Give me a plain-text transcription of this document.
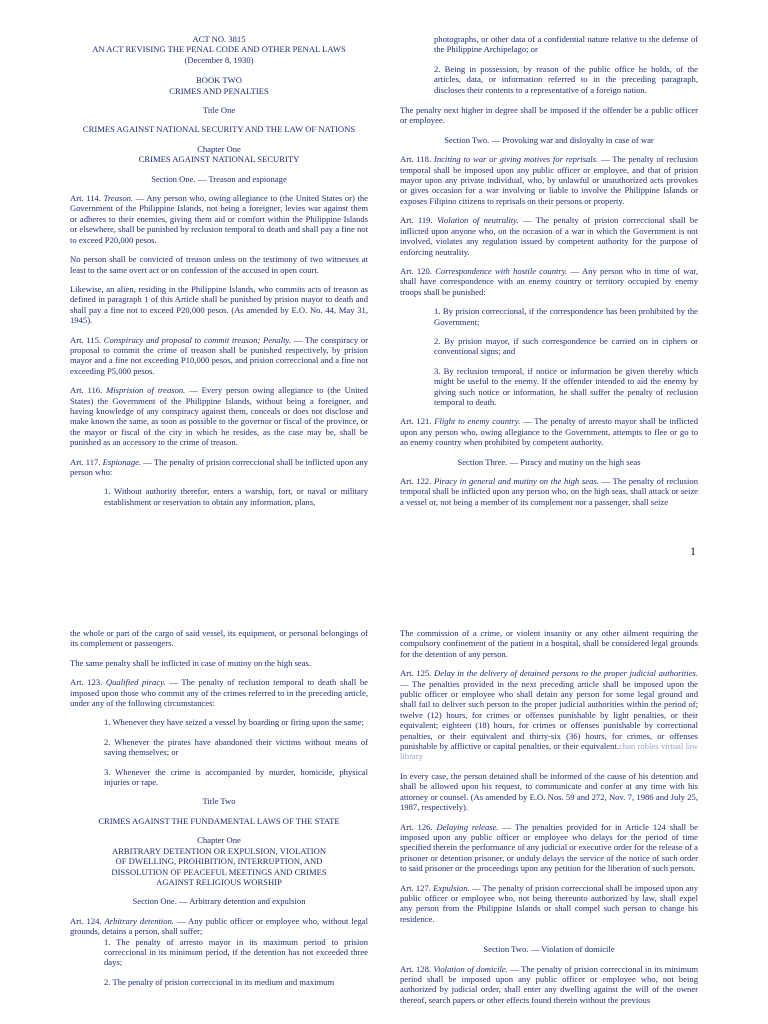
ACT NO. 3815

AN ACT REVISING THE PENAL CODE AND OTHER PENAL LAWS

(December 8, 1930)

BOOK TWO

CRIMES AND PENALTIES

Title One

CRIMES AGAINST NATIONAL SECURITY AND THE LAW OF NATIONS

Chapter One

CRIMES AGAINST NATIONAL SECURITY

Section One. — Treason and espionage

Art. 114. Treason. — Any person who, owing allegiance to (the United States or) the Government of the Philippine Islands, not being a foreigner, levies war against them or adheres to their enemies, giving them aid or comfort within the Philippine Islands or elsewhere, shall be punished by reclusion temporal to death and shall pay a fine not to exceed P20,000 pesos.

No person shall be convicted of treason unless on the testimony of two witnesses at least to the same overt act or on confession of the accused in open court.

Likewise, an alien, residing in the Philippine Islands, who commits acts of treason as defined in paragraph 1 of this Article shall be punished by prision mayor to death and shall pay a fine not to exceed P20,000 pesos. (As amended by E.O. No. 44, May 31, 1945).

Art. 115. Conspiracy and proposal to commit treason; Penalty. — The conspiracy or proposal to commit the crime of treason shall be punished respectively, by prision mayor and a fine not exceeding P10,000 pesos, and prision correccional and a fine not exceeding P5,000 pesos.

Art. 116. Misprision of treason. — Every person owing allegiance to (the United States) the Government of the Philippine Islands, without being a foreigner, and having knowledge of any conspiracy against them, conceals or does not disclose and make known the same, as soon as possible to the governor or fiscal of the province, or the mayor or fiscal of the city in which he resides, as the case may be, shall be punished as an accessory to the crime of treason.

Art. 117. Espionage. — The penalty of prision correccional shall be inflicted upon any person who:

1. Without authority therefor, enters a warship, fort, or naval or military establishment or reservation to obtain any information, plans,

photographs, or other data of a confidential nature relative to the defense of the Philippine Archipelago; or

2. Being in possession, by reason of the public office he holds, of the articles, data, or information referred to in the preceding paragraph, discloses their contents to a representative of a foreign nation.

The penalty next higher in degree shall be imposed if the offender be a public officer or employee.

Section Two. — Provoking war and disloyalty in case of war

Art. 118. Inciting to war or giving motives for reprisals. — The penalty of reclusion temporal shall be imposed upon any public officer or employee, and that of prision mayor upon any private individual, who, by unlawful or unauthorized acts provokes or gives occasion for a war involving or liable to involve the Philippine Islands or exposes Filipino citizens to reprisals on their persons or property.

Art. 119. Violation of neutrality. — The penalty of prision correccional shall be inflicted upon anyone who, on the occasion of a war in which the Government is not involved, violates any regulation issued by competent authority for the purpose of enforcing neutrality.

Art. 120. Correspondence with hostile country. — Any person who in time of war, shall have correspondence with an enemy country or territory occupied by enemy troops shall be punished:

1. By prision correccional, if the correspondence has been prohibited by the Government;

2. By prision mayor, if such correspondence be carried on in ciphers or conventional signs; and

3. By reclusion temporal, if notice or information be given thereby which might be useful to the enemy. If the offender intended to aid the enemy by giving such notice or information, he shall suffer the penalty of reclusion temporal to death.

Art. 121. Flight to enemy country. — The penalty of arresto mayor shall be inflicted upon any person who, owing allegiance to the Government, attempts to flee or go to an enemy country when prohibited by competent authority.

Section Three. — Piracy and mutiny on the high seas

Art. 122. Piracy in general and mutiny on the high seas. — The penalty of reclusion temporal shall be inflicted upon any person who, on the high seas, shall attack or seize a vessel or, not being a member of its complement nor a passenger, shall seize

1

the whole or part of the cargo of said vessel, its equipment, or personal belongings of its complement or passengers.

The same penalty shall be inflicted in case of mutiny on the high seas.

Art. 123. Qualified piracy. — The penalty of reclusion temporal to death shall be imposed upon those who commit any of the crimes referred to in the preceding article, under any of the following circumstances:

1. Whenever they have seized a vessel by boarding or firing upon the same;

2. Whenever the pirates have abandoned their victims without means of saving themselves; or

3. Whenever the crime is accompanied by murder, homicide, physical injuries or rape.

Title Two

CRIMES AGAINST THE FUNDAMENTAL LAWS OF THE STATE

Chapter One

ARBITRARY DETENTION OR EXPULSION, VIOLATION

OF DWELLING, PROHIBITION, INTERRUPTION, AND

DISSOLUTION OF PEACEFUL MEETINGS AND CRIMES

AGAINST RELIGIOUS WORSHIP

Section One. — Arbitrary detention and expulsion

Art. 124. Arbitrary detention. — Any public officer or employee who, without legal grounds, detains a person, shall suffer;

1. The penalty of arresto mayor in its maximum period to prision correccional in its minimum period, if the detention has not exceeded three days;

2. The penalty of prision correccional in its medium and maximum

The commission of a crime, or violent insanity or any other ailment requiring the compulsory confinement of the patient in a hospital, shall be considered legal grounds for the detention of any person.

Art. 125. Delay in the delivery of detained persons to the proper judicial authorities. — The penalties provided in the next preceding article shall be imposed upon the public officer or employee who shall detain any person for some legal ground and shall fail to deliver such person to the proper judicial authorities within the period of; twelve (12) hours, for crimes or offenses punishable by light penalties, or their equivalent; eighteen (18) hours, for crimes or offenses punishable by correctional penalties, or their equivalent and thirty-six (36) hours, for crimes, or offenses punishable by afflictive or capital penalties, or their equivalent.chan robles virtual law library

In every case, the person detained shall be informed of the cause of his detention and shall be allowed upon his request, to communicate and confer at any time with his attorney or counsel. (As amended by E.O. Nos. 59 and 272, Nov. 7, 1986 and July 25, 1987, respectively).

Art. 126. Delaying release. — The penalties provided for in Article 124 shall be imposed upon any public officer or employee who delays for the period of time specified therein the performance of any judicial or executive order for the release of a prisoner or detention prisoner, or unduly delays the service of the notice of such order to said prisoner or the proceedings upon any petition for the liberation of such person.

Art. 127. Expulsion. — The penalty of prision correccional shall be imposed upon any public officer or employee who, not being thereunto authorized by law, shall expel any person from the Philippine Islands or shall compel such person to change his residence.

Section Two. — Violation of domicile

Art. 128. Violation of domicile. — The penalty of prision correccional in its minimum period shall be imposed upon any public officer or employee who, not being authorized by judicial order, shall enter any dwelling against the will of the owner thereof, search papers or other effects found therein without the previous
